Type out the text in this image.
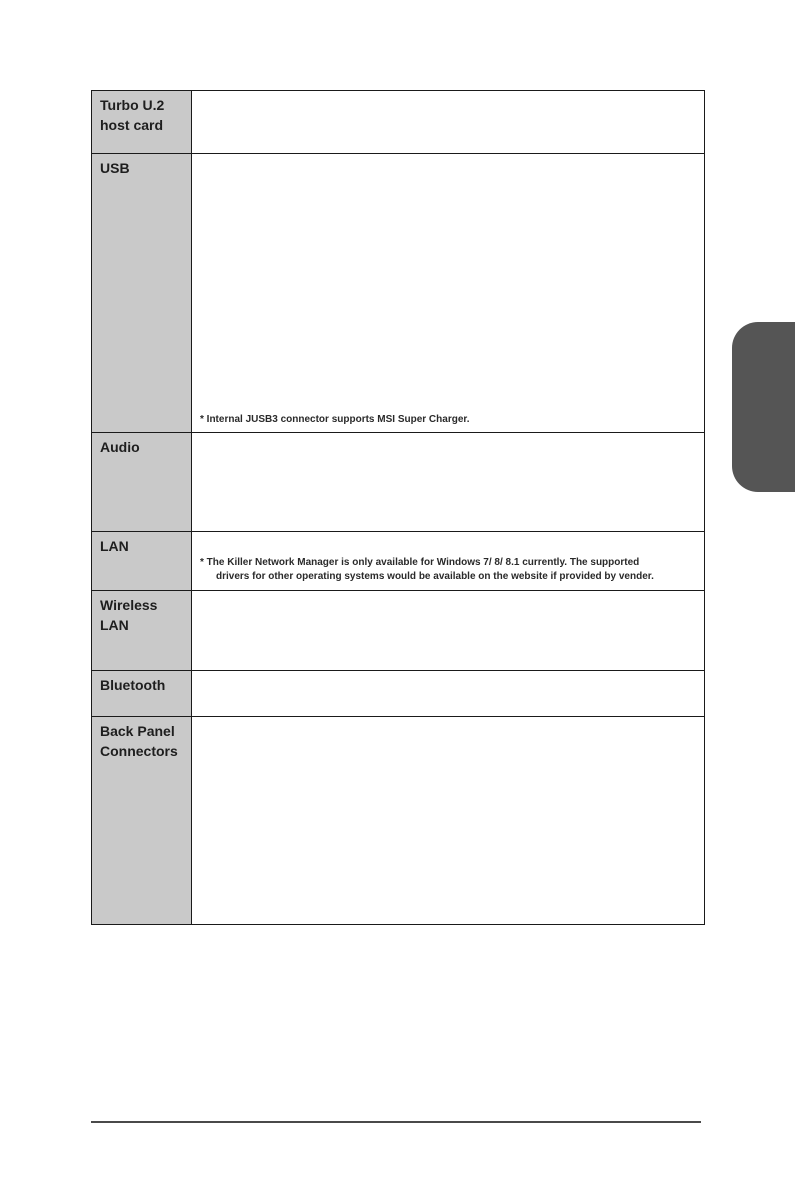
Turbo U.2
host card	

USB	* Internal JUSB3 connector supports MSI Super Charger.

Audio	

LAN	* The Killer Network Manager is only available for Windows 7/ 8/ 8.1 currently. The supported
drivers for other operating systems would be available on the website if provided by vender.

Wireless
LAN	

Bluetooth	

Back Panel
Connectors	
